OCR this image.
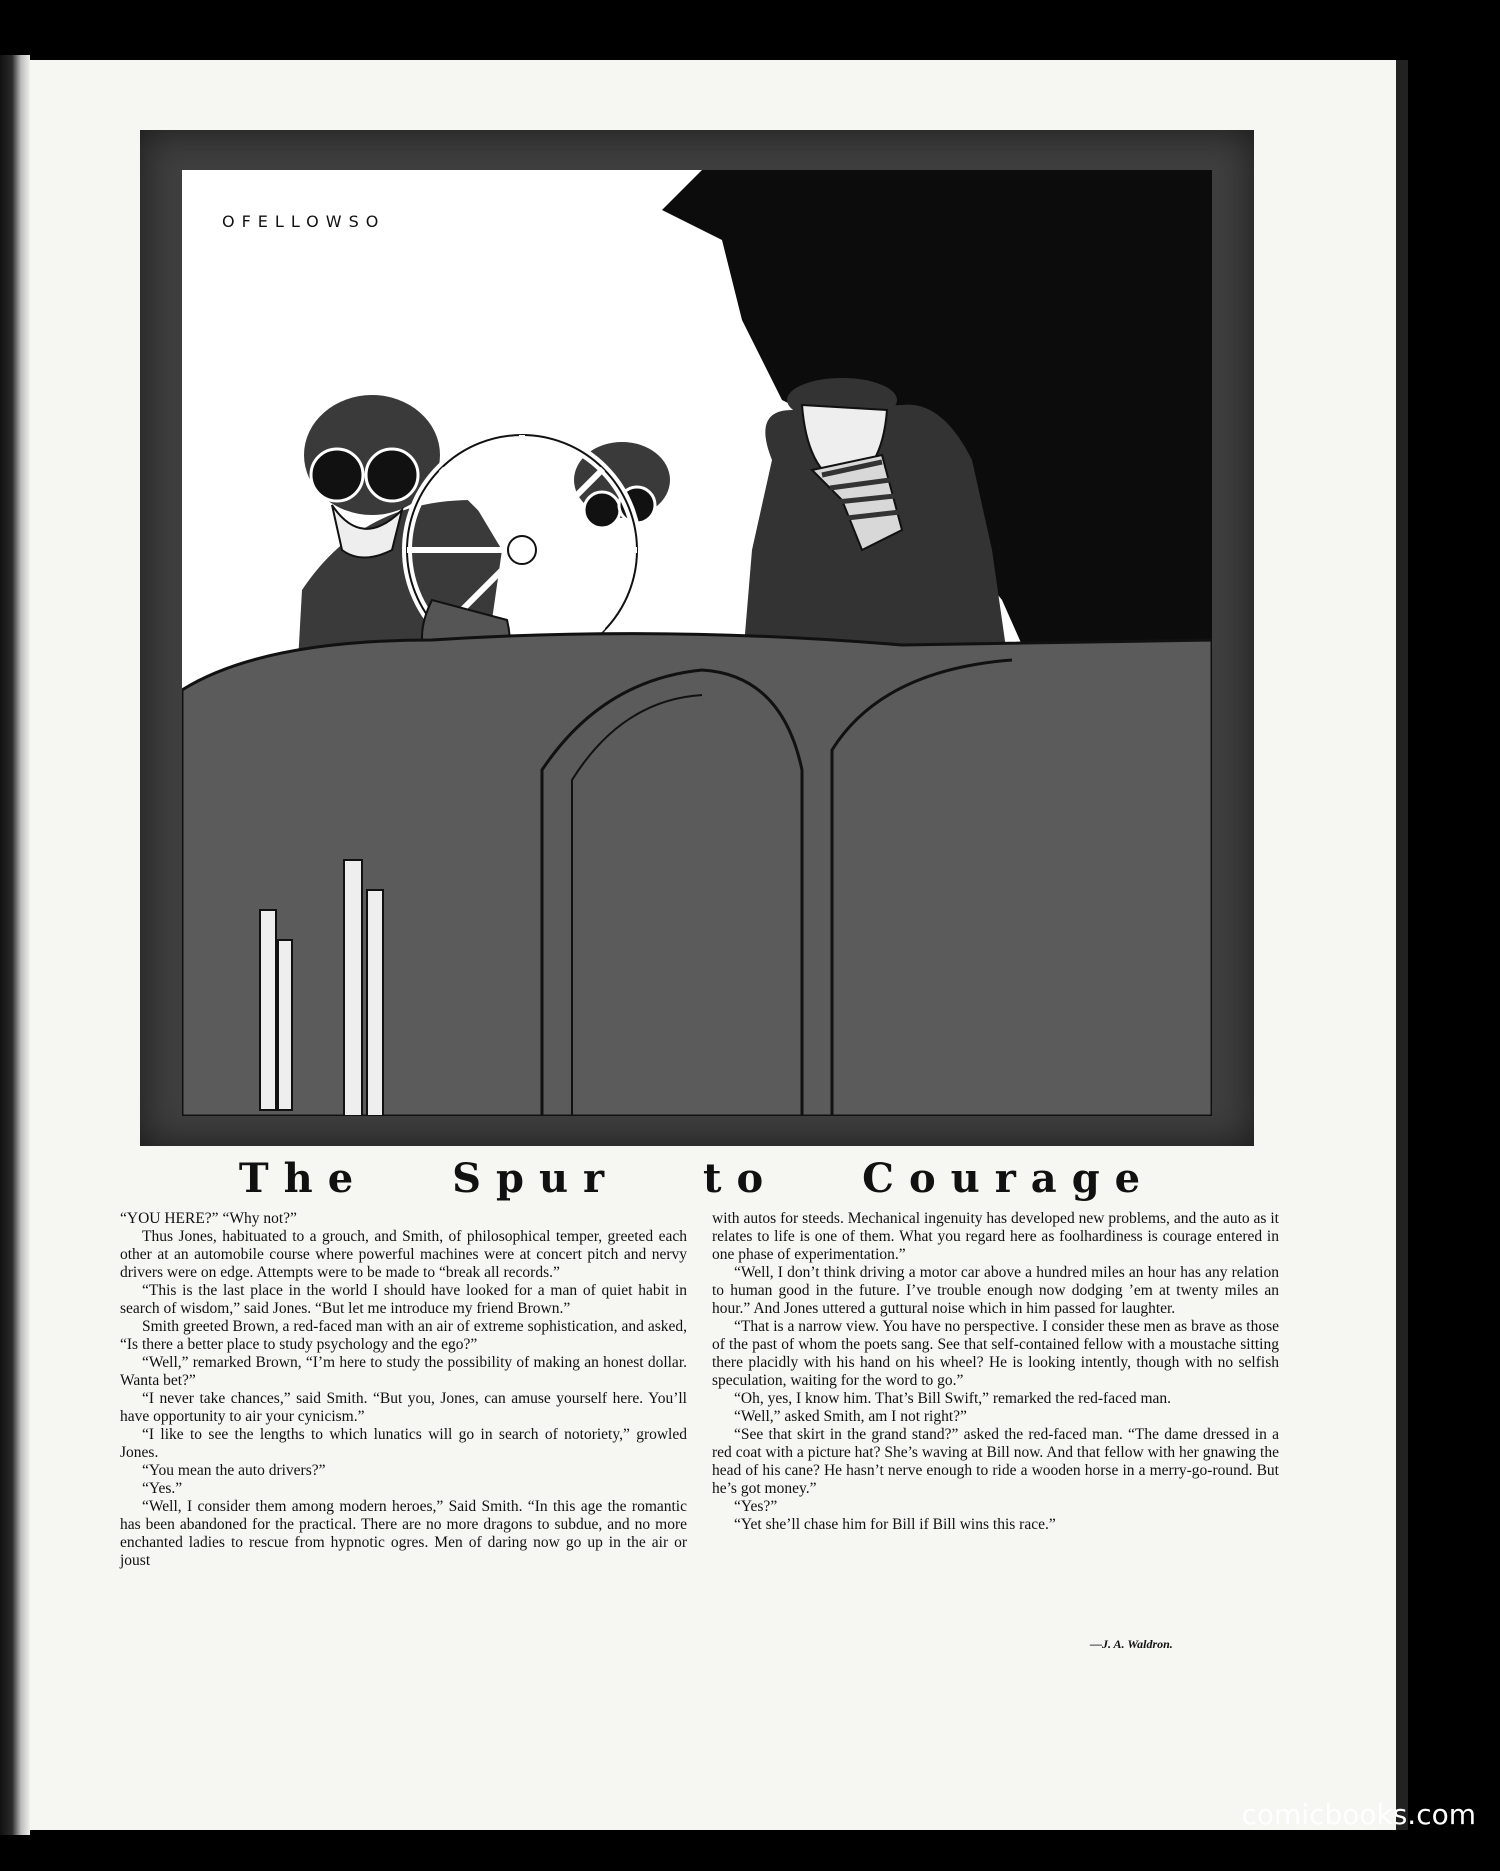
OFELLOWSO
The Spur to Courage

“YOU HERE?” “Why not?”

Thus Jones, habituated to a grouch, and Smith, of philosophical temper, greeted each other at an automobile course where powerful machines were at concert pitch and nervy drivers were on edge. Attempts were to be made to “break all records.”

“This is the last place in the world I should have looked for a man of quiet habit in search of wisdom,” said Jones. “But let me introduce my friend Brown.”

Smith greeted Brown, a red-faced man with an air of extreme sophistication, and asked, “Is there a better place to study psychology and the ego?”

“Well,” remarked Brown, “I’m here to study the possibility of making an honest dollar. Wanta bet?”

“I never take chances,” said Smith. “But you, Jones, can amuse yourself here. You’ll have opportunity to air your cynicism.”

“I like to see the lengths to which lunatics will go in search of notoriety,” growled Jones.

“You mean the auto drivers?”

“Yes.”

“Well, I consider them among modern heroes,” Said Smith. “In this age the romantic has been abandoned for the practical. There are no more dragons to subdue, and no more enchanted ladies to rescue from hypnotic ogres. Men of daring now go up in the air or joust

with autos for steeds. Mechanical ingenuity has developed new problems, and the auto as it relates to life is one of them. What you regard here as foolhardiness is courage entered in one phase of experimentation.”

“Well, I don’t think driving a motor car above a hundred miles an hour has any relation to human good in the future. I’ve trouble enough now dodging ’em at twenty miles an hour.” And Jones uttered a guttural noise which in him passed for laughter.

“That is a narrow view. You have no perspective. I consider these men as brave as those of the past of whom the poets sang. See that self-contained fellow with a moustache sitting there placidly with his hand on his wheel? He is looking intently, though with no selfish speculation, waiting for the word to go.”

“Oh, yes, I know him. That’s Bill Swift,” remarked the red-faced man.

“Well,” asked Smith, am I not right?”

“See that skirt in the grand stand?” asked the red-faced man. “The dame dressed in a red coat with a picture hat? She’s waving at Bill now. And that fellow with her gnawing the head of his cane? He hasn’t nerve enough to ride a wooden horse in a merry-go-round. But he’s got money.”

“Yes?”

“Yet she’ll chase him for Bill if Bill wins this race.”

—J. A. Waldron.
comicbooks.com
